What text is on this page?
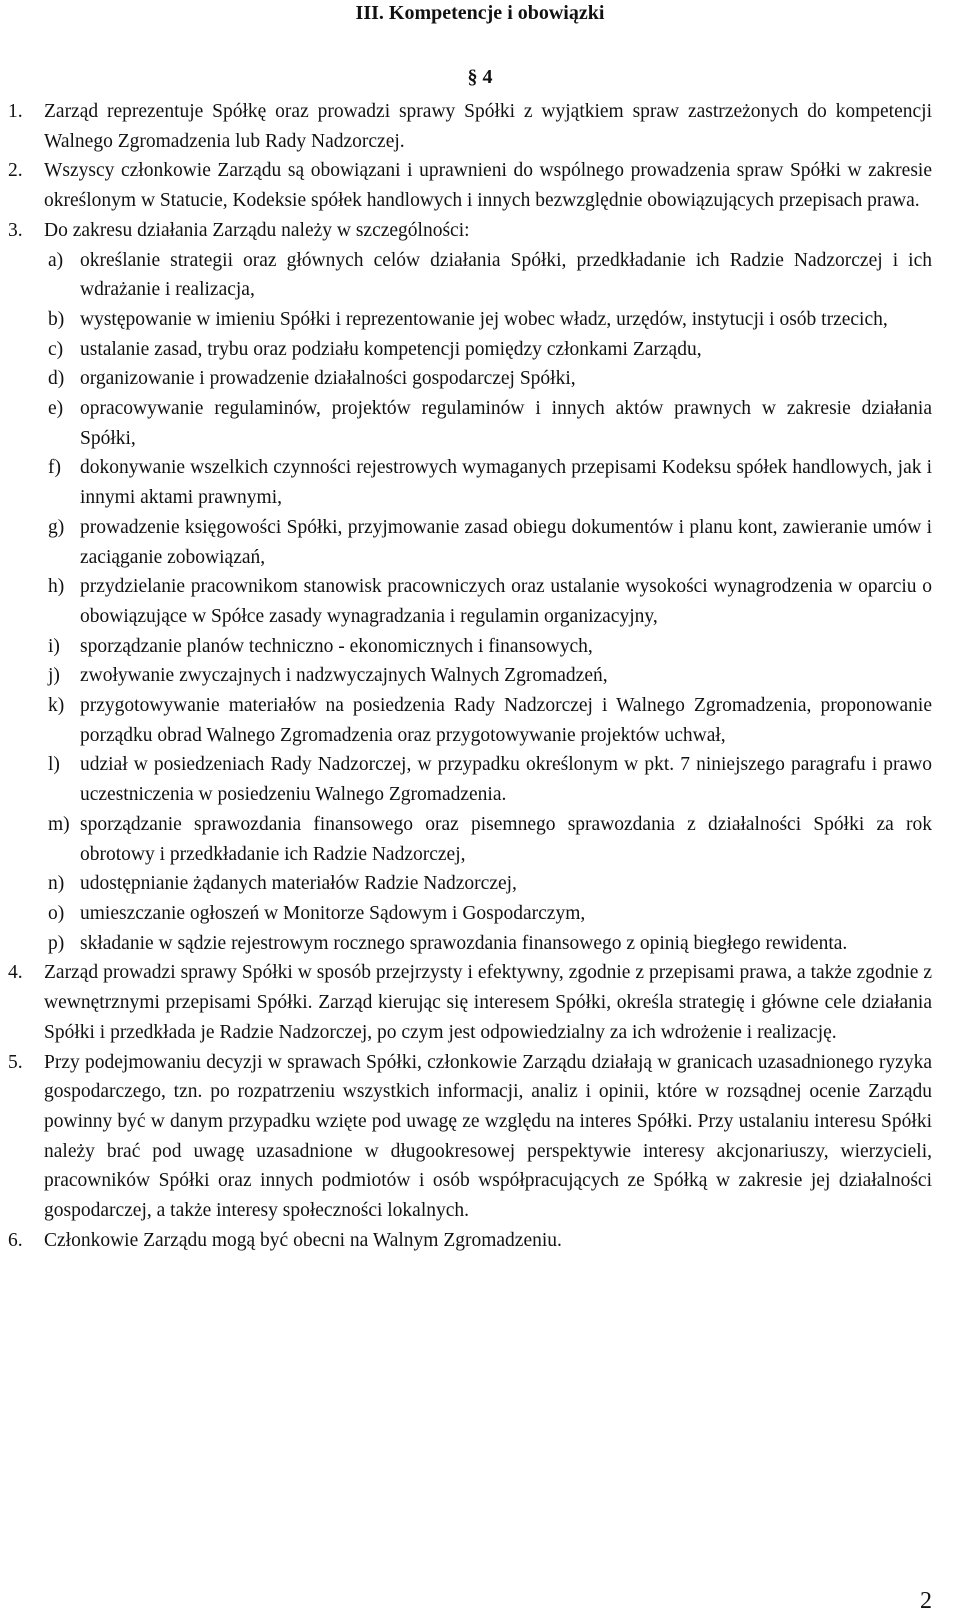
III. Kompetencje i obowiązki
§ 4
1. Zarząd reprezentuje Spółkę oraz prowadzi sprawy Spółki z wyjątkiem spraw zastrzeżonych do kompetencji Walnego Zgromadzenia lub Rady Nadzorczej.
2. Wszyscy członkowie Zarządu są obowiązani i uprawnieni do wspólnego prowadzenia spraw Spółki w zakresie określonym w Statucie, Kodeksie spółek handlowych i innych bezwzględnie obowiązujących przepisach prawa.
3. Do zakresu działania Zarządu należy w szczególności:
a) określanie strategii oraz głównych celów działania Spółki, przedkładanie ich Radzie Nadzorczej i ich wdrażanie i realizacja,
b) występowanie w imieniu Spółki i reprezentowanie jej wobec władz, urzędów, instytucji i osób trzecich,
c) ustalanie zasad, trybu oraz podziału kompetencji pomiędzy członkami Zarządu,
d) organizowanie i prowadzenie działalności gospodarczej Spółki,
e) opracowywanie regulaminów, projektów regulaminów i innych aktów prawnych w zakresie działania Spółki,
f) dokonywanie wszelkich czynności rejestrowych wymaganych przepisami Kodeksu spółek handlowych, jak i innymi aktami prawnymi,
g) prowadzenie księgowości Spółki, przyjmowanie zasad obiegu dokumentów i planu kont, zawieranie umów i zaciąganie zobowiązań,
h) przydzielanie pracownikom stanowisk pracowniczych oraz ustalanie wysokości wynagrodzenia w oparciu o obowiązujące w Spółce zasady wynagradzania i regulamin organizacyjny,
i) sporządzanie planów techniczno - ekonomicznych i finansowych,
j) zwoływanie zwyczajnych i nadzwyczajnych Walnych Zgromadzeń,
k) przygotowywanie materiałów na posiedzenia Rady Nadzorczej i Walnego Zgromadzenia, proponowanie porządku obrad Walnego Zgromadzenia oraz przygotowywanie projektów uchwał,
l) udział w posiedzeniach Rady Nadzorczej, w przypadku określonym w pkt. 7 niniejszego paragrafu i prawo uczestniczenia w posiedzeniu Walnego Zgromadzenia.
m) sporządzanie sprawozdania finansowego oraz pisemnego sprawozdania z działalności Spółki za rok obrotowy i przedkładanie ich Radzie Nadzorczej,
n) udostępnianie żądanych materiałów Radzie Nadzorczej,
o) umieszczanie ogłoszeń w Monitorze Sądowym i Gospodarczym,
p) składanie w sądzie rejestrowym rocznego sprawozdania finansowego z opinią biegłego rewidenta.
4. Zarząd prowadzi sprawy Spółki w sposób przejrzysty i efektywny, zgodnie z przepisami prawa, a także zgodnie z wewnętrznymi przepisami Spółki. Zarząd kierując się interesem Spółki, określa strategię i główne cele działania Spółki i przedkłada je Radzie Nadzorczej, po czym jest odpowiedzialny za ich wdrożenie i realizację.
5. Przy podejmowaniu decyzji w sprawach Spółki, członkowie Zarządu działają w granicach uzasadnionego ryzyka gospodarczego, tzn. po rozpatrzeniu wszystkich informacji, analiz i opinii, które w rozsądnej ocenie Zarządu powinny być w danym przypadku wzięte pod uwagę ze względu na interes Spółki. Przy ustalaniu interesu Spółki należy brać pod uwagę uzasadnione w długookresowej perspektywie interesy akcjonariuszy, wierzycieli, pracowników Spółki oraz innych podmiotów i osób współpracujących ze Spółką w zakresie jej działalności gospodarczej, a także interesy społeczności lokalnych.
6. Członkowie Zarządu mogą być obecni na Walnym Zgromadzeniu.
2
